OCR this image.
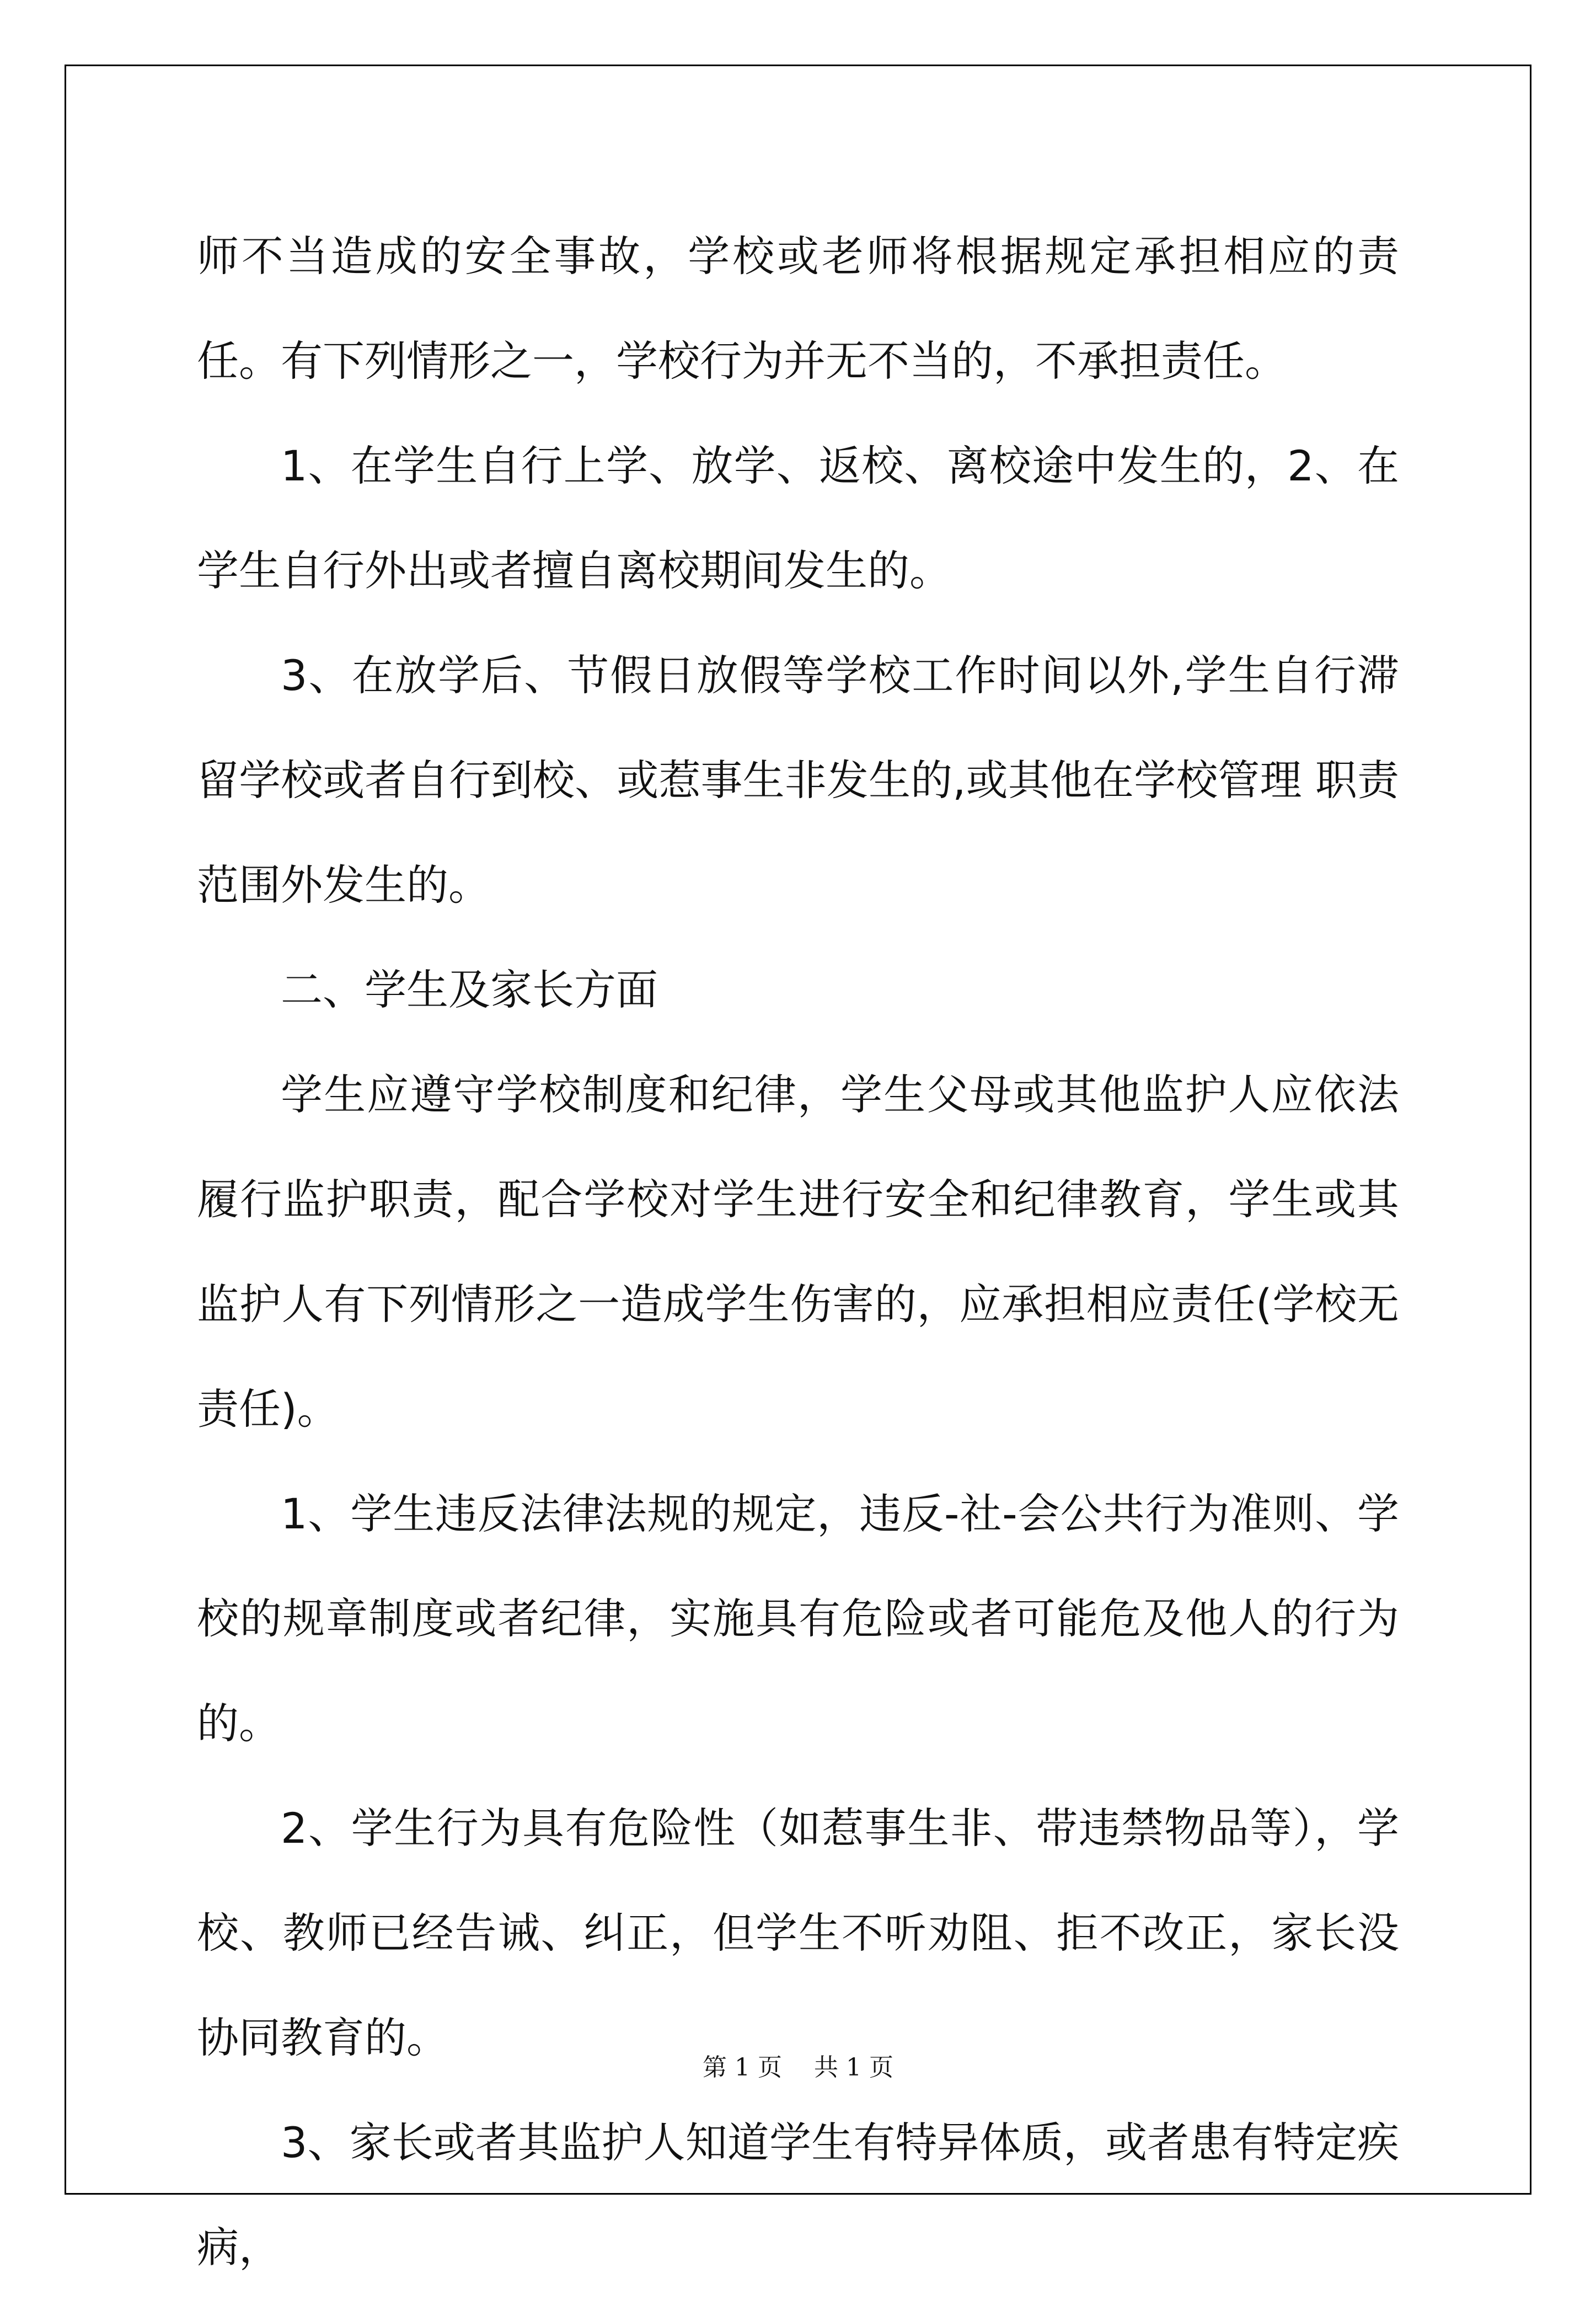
师不当造成的安全事故，学校或老师将根据规定承担相应的责任。有下列情形之一，学校行为并无不当的，不承担责任。

1、在学生自行上学、放学、返校、离校途中发生的，2、在学生自行外出或者擅自离校期间发生的。

3、在放学后、节假日放假等学校工作时间以外,学生自行滞留学校或者自行到校、或惹事生非发生的,或其他在学校管理 职责范围外发生的。

二、学生及家长方面

学生应遵守学校制度和纪律，学生父母或其他监护人应依法履行监护职责，配合学校对学生进行安全和纪律教育，学生或其监护人有下列情形之一造成学生伤害的，应承担相应责任(学校无责任)。

1、学生违反法律法规的规定，违反-社-会公共行为准则、学校的规章制度或者纪律，实施具有危险或者可能危及他人的行为的。

2、学生行为具有危险性（如惹事生非、带违禁物品等），学校、教师已经告诫、纠正，但学生不听劝阻、拒不改正，家长没协同教育的。

3、家长或者其监护人知道学生有特异体质，或者患有特定疾病，

第 1 页　 共 1 页
